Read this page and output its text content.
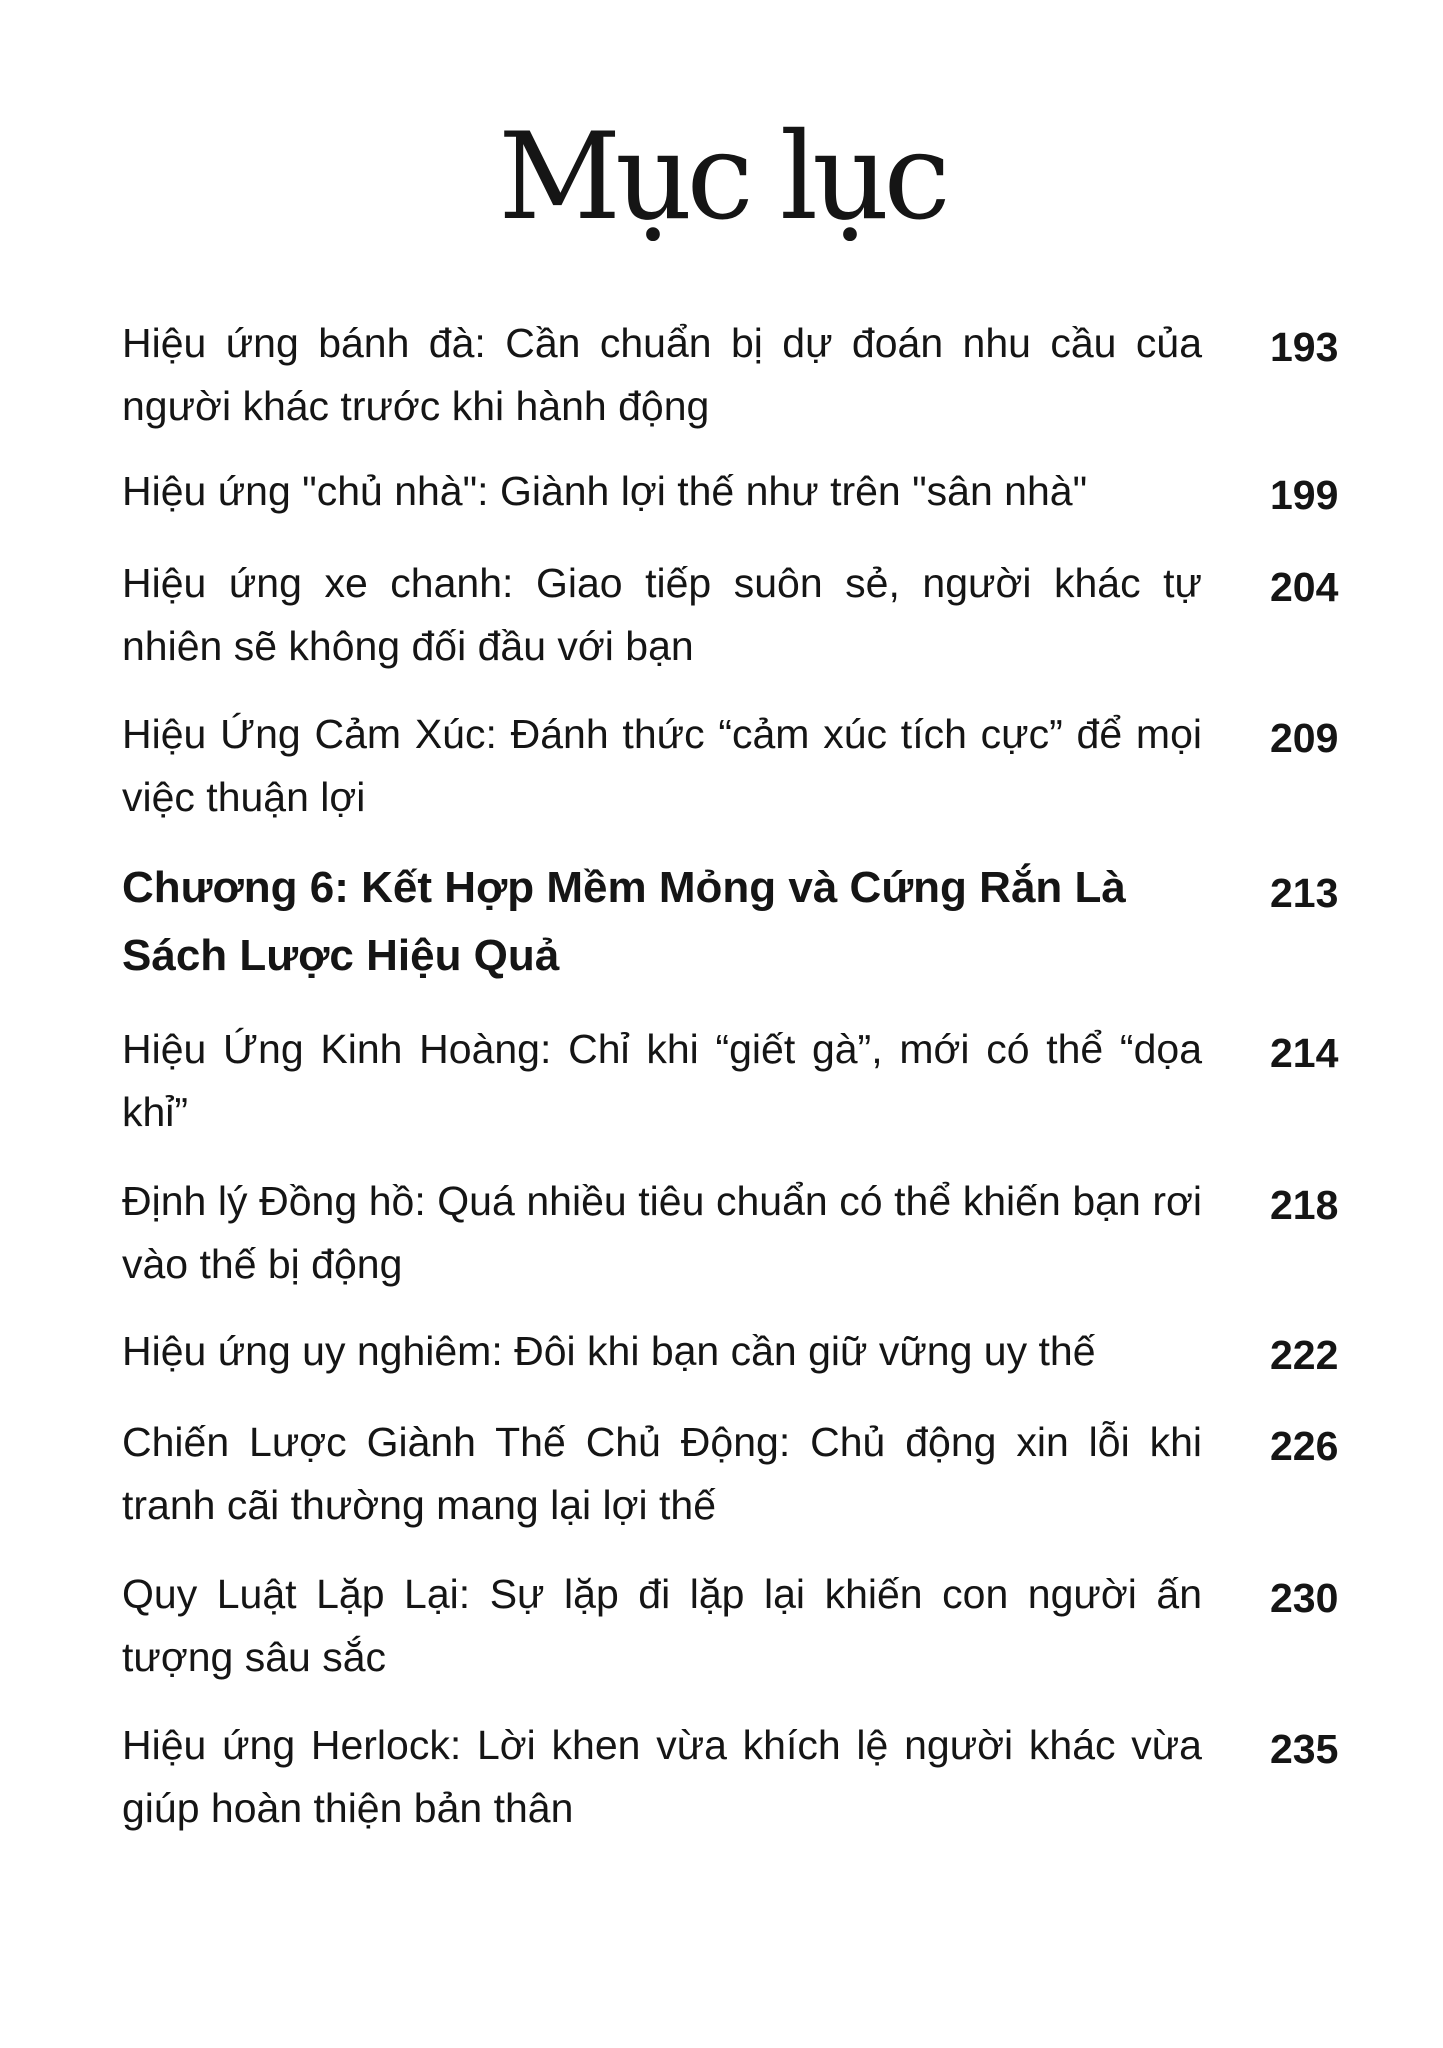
Mục lục
Hiệu ứng bánh đà: Cần chuẩn bị dự đoán nhu cầu của người khác trước khi hành động
193
Hiệu ứng "chủ nhà": Giành lợi thế như trên "sân nhà"	199
Hiệu ứng xe chanh: Giao tiếp suôn sẻ, người khác tự nhiên sẽ không đối đầu với bạn
204
Hiệu Ứng Cảm Xúc: Đánh thức “cảm xúc tích cực” để mọi việc thuận lợi
209
Chương 6: Kết Hợp Mềm Mỏng và Cứng Rắn Là Sách Lược Hiệu Quả
213
Hiệu Ứng Kinh Hoàng: Chỉ khi “giết gà”, mới có thể “dọa khỉ”
214
Định lý Đồng hồ: Quá nhiều tiêu chuẩn có thể khiến bạn rơi vào thế bị động
218
Hiệu ứng uy nghiêm: Đôi khi bạn cần giữ vững uy thế	222
Chiến Lược Giành Thế Chủ Động: Chủ động xin lỗi khi tranh cãi thường mang lại lợi thế
226
Quy Luật Lặp Lại: Sự lặp đi lặp lại khiến con người ấn tượng sâu sắc
230
Hiệu ứng Herlock: Lời khen vừa khích lệ người khác vừa giúp hoàn thiện bản thân
235
